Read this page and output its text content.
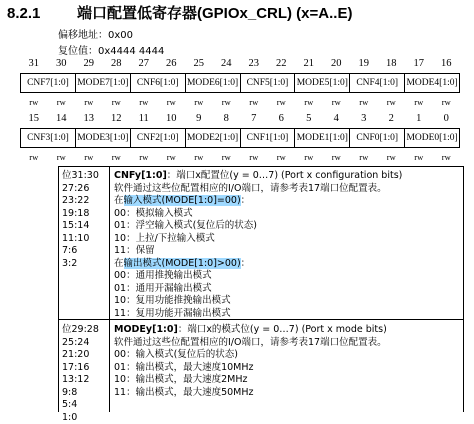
8.2.1 端口配置低寄存器(GPIOx_CRL) (x=A..E)
偏移地址：0x00
复位值：0x4444 4444
31	30	29	28	27	26	25	24	23	22	21	20	19	18	17	16
CNF7[1:0] MODE7[1:0] CNF6[1:0] MODE6[1:0] CNF5[1:0] MODE5[1:0] CNF4[1:0] MODE4[1:0]
rw	rw	rw	rw	rw	rw	rw	rw	rw	rw	rw	rw	rw	rw	rw	rw
15	14	13	12	11	10	9	8	7	6	5	4	3	2	1	0
CNF3[1:0] MODE3[1:0] CNF2[1:0] MODE2[1:0] CNF1[1:0] MODE1[1:0] CNF0[1:0] MODE0[1:0]
rw	rw	rw	rw	rw	rw	rw	rw	rw	rw	rw	rw	rw	rw	rw	rw
位31:30
27:26
23:22
19:18
15:14
11:10
7:6
3:2
CNFy[1:0]：端口x配置位(y = 0…7) (Port x configuration bits)
软件通过这些位配置相应的I/O端口，请参考表17端口位配置表。
在输入模式(MODE[1:0]=00)：
00：模拟输入模式
01：浮空输入模式(复位后的状态)
10：上拉/下拉输入模式
11：保留
在输出模式(MODE[1:0]>00)：
00：通用推挽输出模式
01：通用开漏输出模式
10：复用功能推挽输出模式
11：复用功能开漏输出模式
位29:28
25:24
21:20
17:16
13:12
9:8
5:4
1:0
MODEy[1:0]：端口x的模式位(y = 0…7) (Port x mode bits)
软件通过这些位配置相应的I/O端口，请参考表17端口位配置表。
00：输入模式(复位后的状态)
01：输出模式，最大速度10MHz
10：输出模式，最大速度2MHz
11：输出模式，最大速度50MHz
